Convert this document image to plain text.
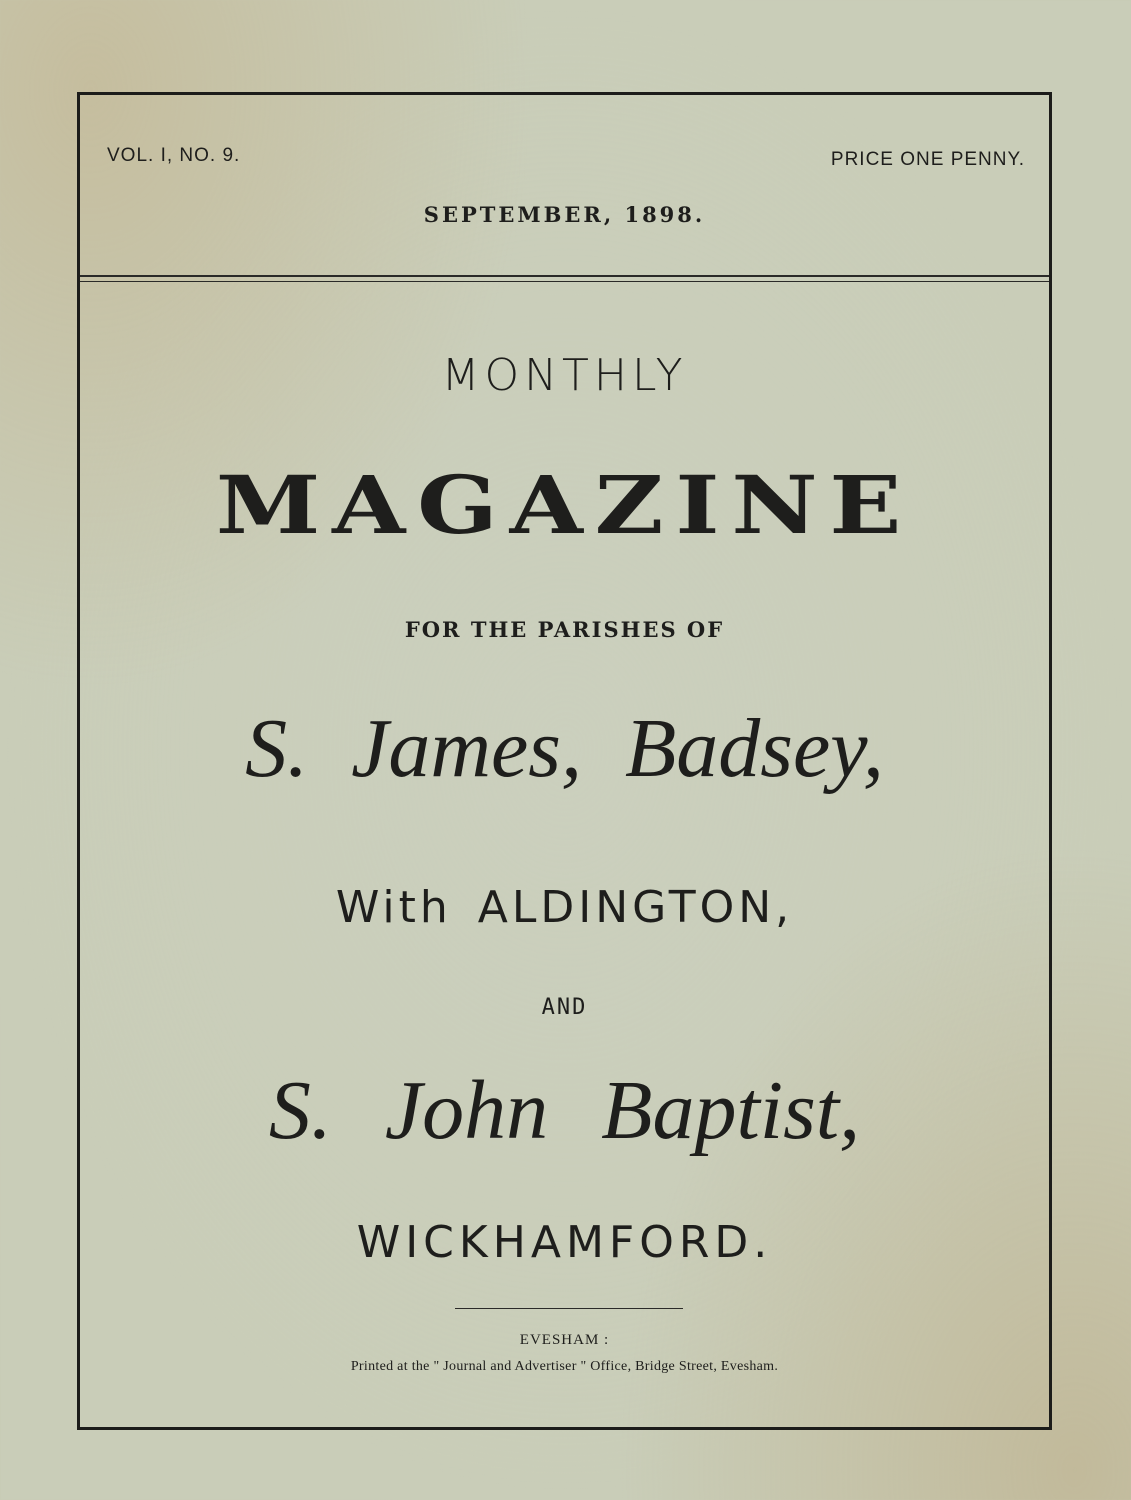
VOL. I, NO. 9.	PRICE ONE PENNY.
SEPTEMBER, 1898.
MONTHLY
MAGAZINE
FOR THE PARISHES OF
S. James, Badsey,
With ALDINGTON,
AND
S. John Baptist,
WICKHAMFORD.
EVESHAM :
Printed at the " Journal and Advertiser " Office, Bridge Street, Evesham.
